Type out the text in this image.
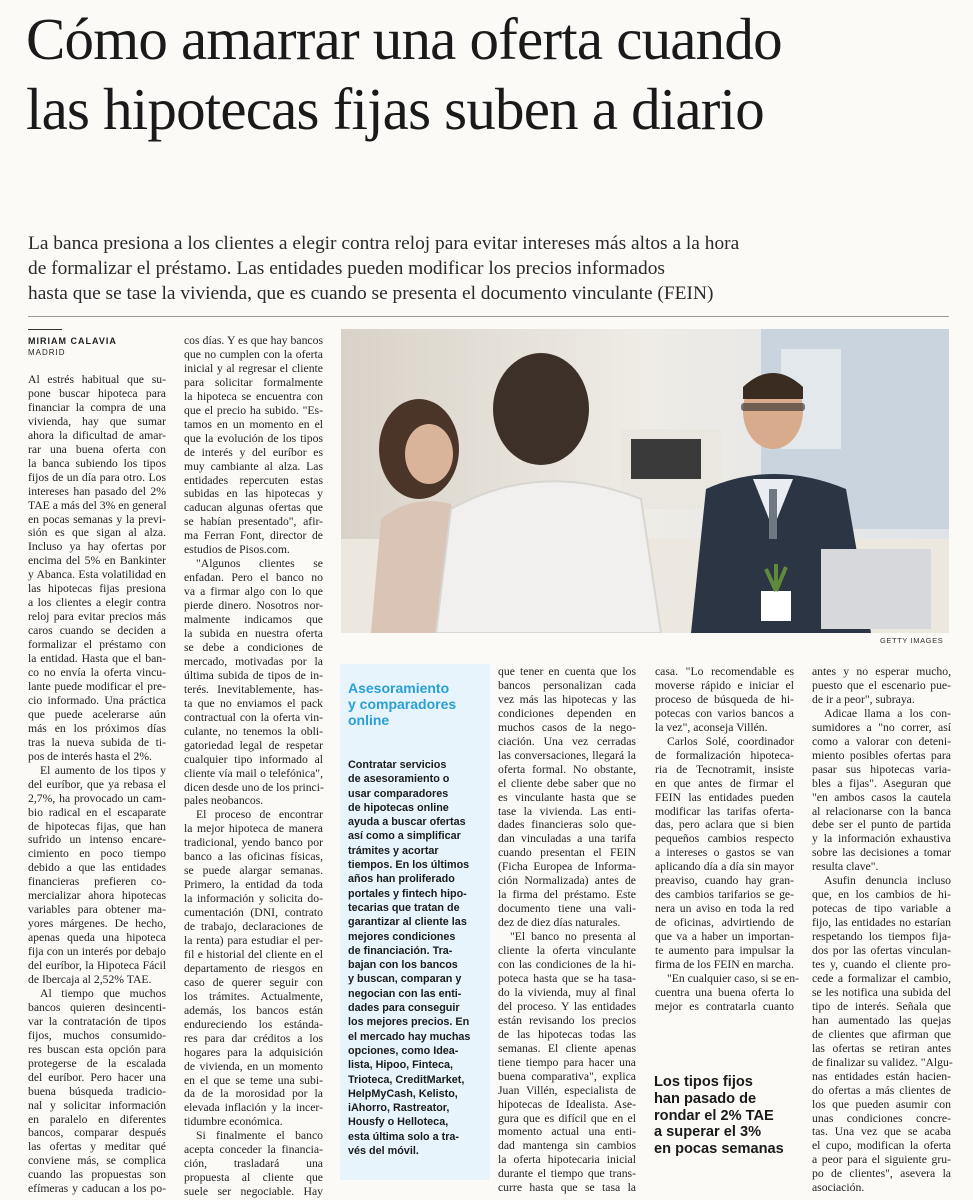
Cómo amarrar una oferta cuando
las hipotecas fijas suben a diario
La banca presiona a los clientes a elegir contra reloj para evitar intereses más altos a la hora
de formalizar el préstamo. Las entidades pueden modificar los precios informados
hasta que se tase la vivienda, que es cuando se presenta el documento vinculante (FEIN)
MIRIAM CALAVIA
MADRID
Al estrés habitual que su-
pone buscar hipoteca para
financiar la compra de una
vivienda, hay que sumar
ahora la dificultad de amar-
rar una buena oferta con
la banca subiendo los tipos
fijos de un día para otro. Los
intereses han pasado del 2%
TAE a más del 3% en general
en pocas semanas y la previ-
sión es que sigan al alza.
Incluso ya hay ofertas por
encima del 5% en Bankinter
y Abanca. Esta volatilidad en
las hipotecas fijas presiona
a los clientes a elegir contra
reloj para evitar precios más
caros cuando se deciden a
formalizar el préstamo con
la entidad. Hasta que el ban-
co no envía la oferta vincu-
lante puede modificar el pre-
cio informado. Una práctica
que puede acelerarse aún
más en los próximos días
tras la nueva subida de ti-
pos de interés hasta el 2%.
El aumento de los tipos y
del euríbor, que ya rebasa el
2,7%, ha provocado un cam-
bio radical en el escaparate
de hipotecas fijas, que han
sufrido un intenso encare-
cimiento en poco tiempo
debido a que las entidades
financieras prefieren co-
mercializar ahora hipotecas
variables para obtener ma-
yores márgenes. De hecho,
apenas queda una hipoteca
fija con un interés por debajo
del euríbor, la Hipoteca Fácil
de Ibercaja al 2,52% TAE.
Al tiempo que muchos
bancos quieren desincenti-
var la contratación de tipos
fijos, muchos consumido-
res buscan esta opción para
protegerse de la escalada
del euríbor. Pero hacer una
buena búsqueda tradicio-
nal y solicitar información
en paralelo en diferentes
bancos, comparar después
las ofertas y meditar qué
conviene más, se complica
cuando las propuestas son
efímeras y caducan a los po-
cos días. Y es que hay bancos
que no cumplen con la oferta
inicial y al regresar el cliente
para solicitar formalmente
la hipoteca se encuentra con
que el precio ha subido. "Es-
tamos en un momento en el
que la evolución de los tipos
de interés y del euríbor es
muy cambiante al alza. Las
entidades repercuten estas
subidas en las hipotecas y
caducan algunas ofertas que
se habían presentado", afir-
ma Ferran Font, director de
estudios de Pisos.com.
"Algunos clientes se
enfadan. Pero el banco no
va a firmar algo con lo que
pierde dinero. Nosotros nor-
malmente indicamos que
la subida en nuestra oferta
se debe a condiciones de
mercado, motivadas por la
última subida de tipos de in-
terés. Inevitablemente, has-
ta que no enviamos el pack
contractual con la oferta vin-
culante, no tenemos la obli-
gatoriedad legal de respetar
cualquier tipo informado al
cliente vía mail o telefónica",
dicen desde uno de los princi-
pales neobancos.
El proceso de encontrar
la mejor hipoteca de manera
tradicional, yendo banco por
banco a las oficinas físicas,
se puede alargar semanas.
Primero, la entidad da toda
la información y solicita do-
cumentación (DNI, contrato
de trabajo, declaraciones de
la renta) para estudiar el per-
fil e historial del cliente en el
departamento de riesgos en
caso de querer seguir con
los trámites. Actualmente,
además, los bancos están
endureciendo los estánda-
res para dar créditos a los
hogares para la adquisición
de vivienda, en un momento
en el que se teme una subi-
da de la morosidad por la
elevada inflación y la incer-
tidumbre económica.
Si finalmente el banco
acepta conceder la financia-
ción, trasladará una
propuesta al cliente que
suele ser negociable. Hay
que tener en cuenta que los
bancos personalizan cada
vez más las hipotecas y las
condiciones dependen en
muchos casos de la nego-
ciación. Una vez cerradas
las conversaciones, llegará la
oferta formal. No obstante,
el cliente debe saber que no
es vinculante hasta que se
tase la vivienda. Las enti-
dades financieras solo que-
dan vinculadas a una tarifa
cuando presentan el FEIN
(Ficha Europea de Informa-
ción Normalizada) antes de
la firma del préstamo. Este
documento tiene una vali-
dez de diez días naturales.
"El banco no presenta al
cliente la oferta vinculante
con las condiciones de la hi-
poteca hasta que se ha tasa-
do la vivienda, muy al final
del proceso. Y las entidades
están revisando los precios
de las hipotecas todas las
semanas. El cliente apenas
tiene tiempo para hacer una
buena comparativa", explica
Juan Villén, especialista de
hipotecas de Idealista. Ase-
gura que es difícil que en el
momento actual una enti-
dad mantenga sin cambios
la oferta hipotecaria inicial
durante el tiempo que trans-
curre hasta que se tasa la
casa. "Lo recomendable es
moverse rápido e iniciar el
proceso de búsqueda de hi-
potecas con varios bancos a
la vez", aconseja Villén.
Carlos Solé, coordinador
de formalización hipoteca-
ria de Tecnotramit, insiste
en que antes de firmar el
FEIN las entidades pueden
modificar las tarifas oferta-
das, pero aclara que si bien
pequeños cambios respecto
a intereses o gastos se van
aplicando día a día sin mayor
preaviso, cuando hay gran-
des cambios tarifarios se ge-
nera un aviso en toda la red
de oficinas, advirtiendo de
que va a haber un importan-
te aumento para impulsar la
firma de los FEIN en marcha.
"En cualquier caso, si se en-
cuentra una buena oferta lo
mejor es contratarla cuanto
antes y no esperar mucho,
puesto que el escenario pue-
de ir a peor", subraya.
Adicae llama a los con-
sumidores a "no correr, así
como a valorar con deteni-
miento posibles ofertas para
pasar sus hipotecas varia-
bles a fijas". Aseguran que
"en ambos casos la cautela
al relacionarse con la banca
debe ser el punto de partida
y la información exhaustiva
sobre las decisiones a tomar
resulta clave".
Asufin denuncia incluso
que, en los cambios de hi-
potecas de tipo variable a
fijo, las entidades no estarían
respetando los tiempos fija-
dos por las ofertas vinculan-
tes y, cuando el cliente pro-
cede a formalizar el cambio,
se les notifica una subida del
tipo de interés. Señala que
han aumentado las quejas
de clientes que afirman que
las ofertas se retiran antes
de finalizar su validez. "Algu-
nas entidades están hacien-
do ofertas a más clientes de
los que pueden asumir con
unas condiciones concre-
tas. Una vez que se acaba
el cupo, modifican la oferta
a peor para el siguiente gru-
po de clientes", asevera la
asociación.
GETTY IMAGES
Asesoramiento
y comparadores
online
Contratar servicios
de asesoramiento o
usar comparadores
de hipotecas online
ayuda a buscar ofertas
así como a simplificar
trámites y acortar
tiempos. En los últimos
años han proliferado
portales y fintech hipo-
tecarias que tratan de
garantizar al cliente las
mejores condiciones
de financiación. Tra-
bajan con los bancos
y buscan, comparan y
negocian con las enti-
dades para conseguir
los mejores precios. En
el mercado hay muchas
opciones, como Idea-
lista, Hipoo, Finteca,
Trioteca, CreditMarket,
HelpMyCash, Kelisto,
iAhorro, Rastreator,
Housfy o Helloteca,
esta última solo a tra-
vés del móvil.
Los tipos fijos
han pasado de
rondar el 2% TAE
a superar el 3%
en pocas semanas
